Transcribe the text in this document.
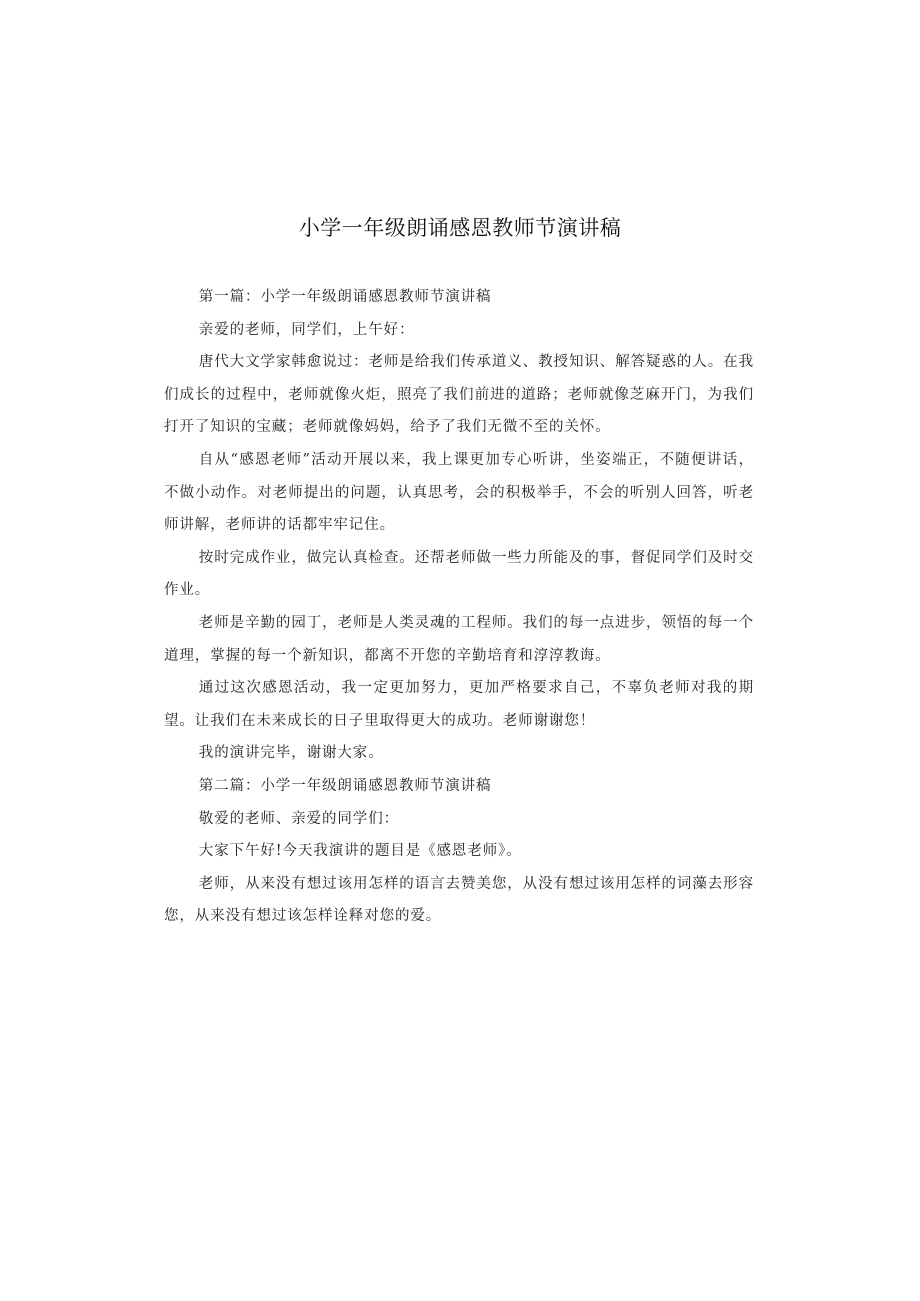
小学一年级朗诵感恩教师节演讲稿

第一篇：小学一年级朗诵感恩教师节演讲稿

亲爱的老师，同学们，上午好：

唐代大文学家韩愈说过：老师是给我们传承道义、教授知识、解答疑惑的人。在我们成长的过程中，老师就像火炬，照亮了我们前进的道路；老师就像芝麻开门，为我们打开了知识的宝藏；老师就像妈妈，给予了我们无微不至的关怀。

自从“感恩老师”活动开展以来，我上课更加专心听讲，坐姿端正，不随便讲话，不做小动作。对老师提出的问题，认真思考，会的积极举手，不会的听别人回答，听老师讲解，老师讲的话都牢牢记住。

按时完成作业，做完认真检查。还帮老师做一些力所能及的事，督促同学们及时交作业。

老师是辛勤的园丁，老师是人类灵魂的工程师。我们的每一点进步，领悟的每一个道理，掌握的每一个新知识，都离不开您的辛勤培育和淳淳教诲。

通过这次感恩活动，我一定更加努力，更加严格要求自己，不辜负老师对我的期望。让我们在未来成长的日子里取得更大的成功。老师谢谢您！

我的演讲完毕，谢谢大家。

第二篇：小学一年级朗诵感恩教师节演讲稿

敬爱的老师、亲爱的同学们：

大家下午好!今天我演讲的题目是《感恩老师》。

老师，从来没有想过该用怎样的语言去赞美您，从没有想过该用怎样的词藻去形容您，从来没有想过该怎样诠释对您的爱。
